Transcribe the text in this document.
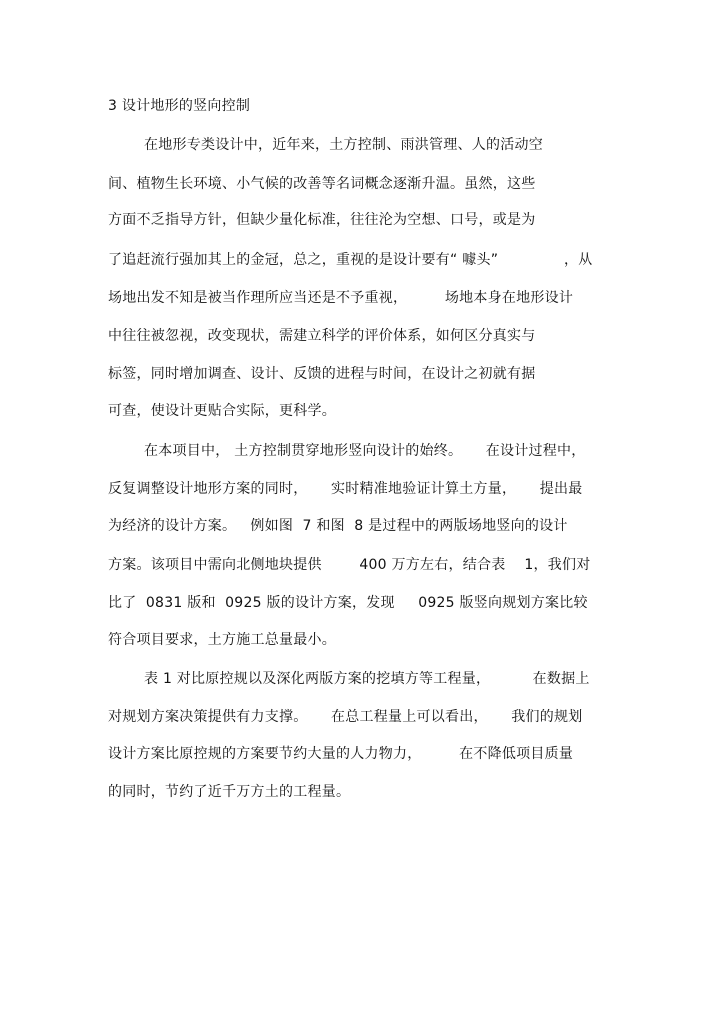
3 设计地形的竖向控制
在地形专类设计中，近年来，土方控制、雨洪管理、人的活动空
间、植物生长环境、小气候的改善等名词概念逐渐升温。虽然，这些
方面不乏指导方针，但缺少量化标准，往往沦为空想、口号，或是为
了追赶流行强加其上的金冠，总之，重视的是设计要有“ 噱头”              ，从
场地出发不知是被当作理所应当还是不予重视，        场地本身在地形设计
中往往被忽视，改变现状，需建立科学的评价体系，如何区分真实与
标签，同时增加调查、设计、反馈的进程与时间，在设计之初就有据
可查，使设计更贴合实际，更科学。
在本项目中， 土方控制贯穿地形竖向设计的始终。     在设计过程中，
反复调整设计地形方案的同时，     实时精准地验证计算土方量，     提出最
为经济的设计方案。   例如图  7 和图  8 是过程中的两版场地竖向的设计
方案。该项目中需向北侧地块提供        400 万方左右，结合表    1，我们对
比了  0831 版和  0925 版的设计方案，发现     0925 版竖向规划方案比较
符合项目要求，土方施工总量最小。
表 1 对比原控规以及深化两版方案的挖填方等工程量，         在数据上
对规划方案决策提供有力支撑。     在总工程量上可以看出，     我们的规划
设计方案比原控规的方案要节约大量的人力物力，        在不降低项目质量
的同时，节约了近千万方土的工程量。
